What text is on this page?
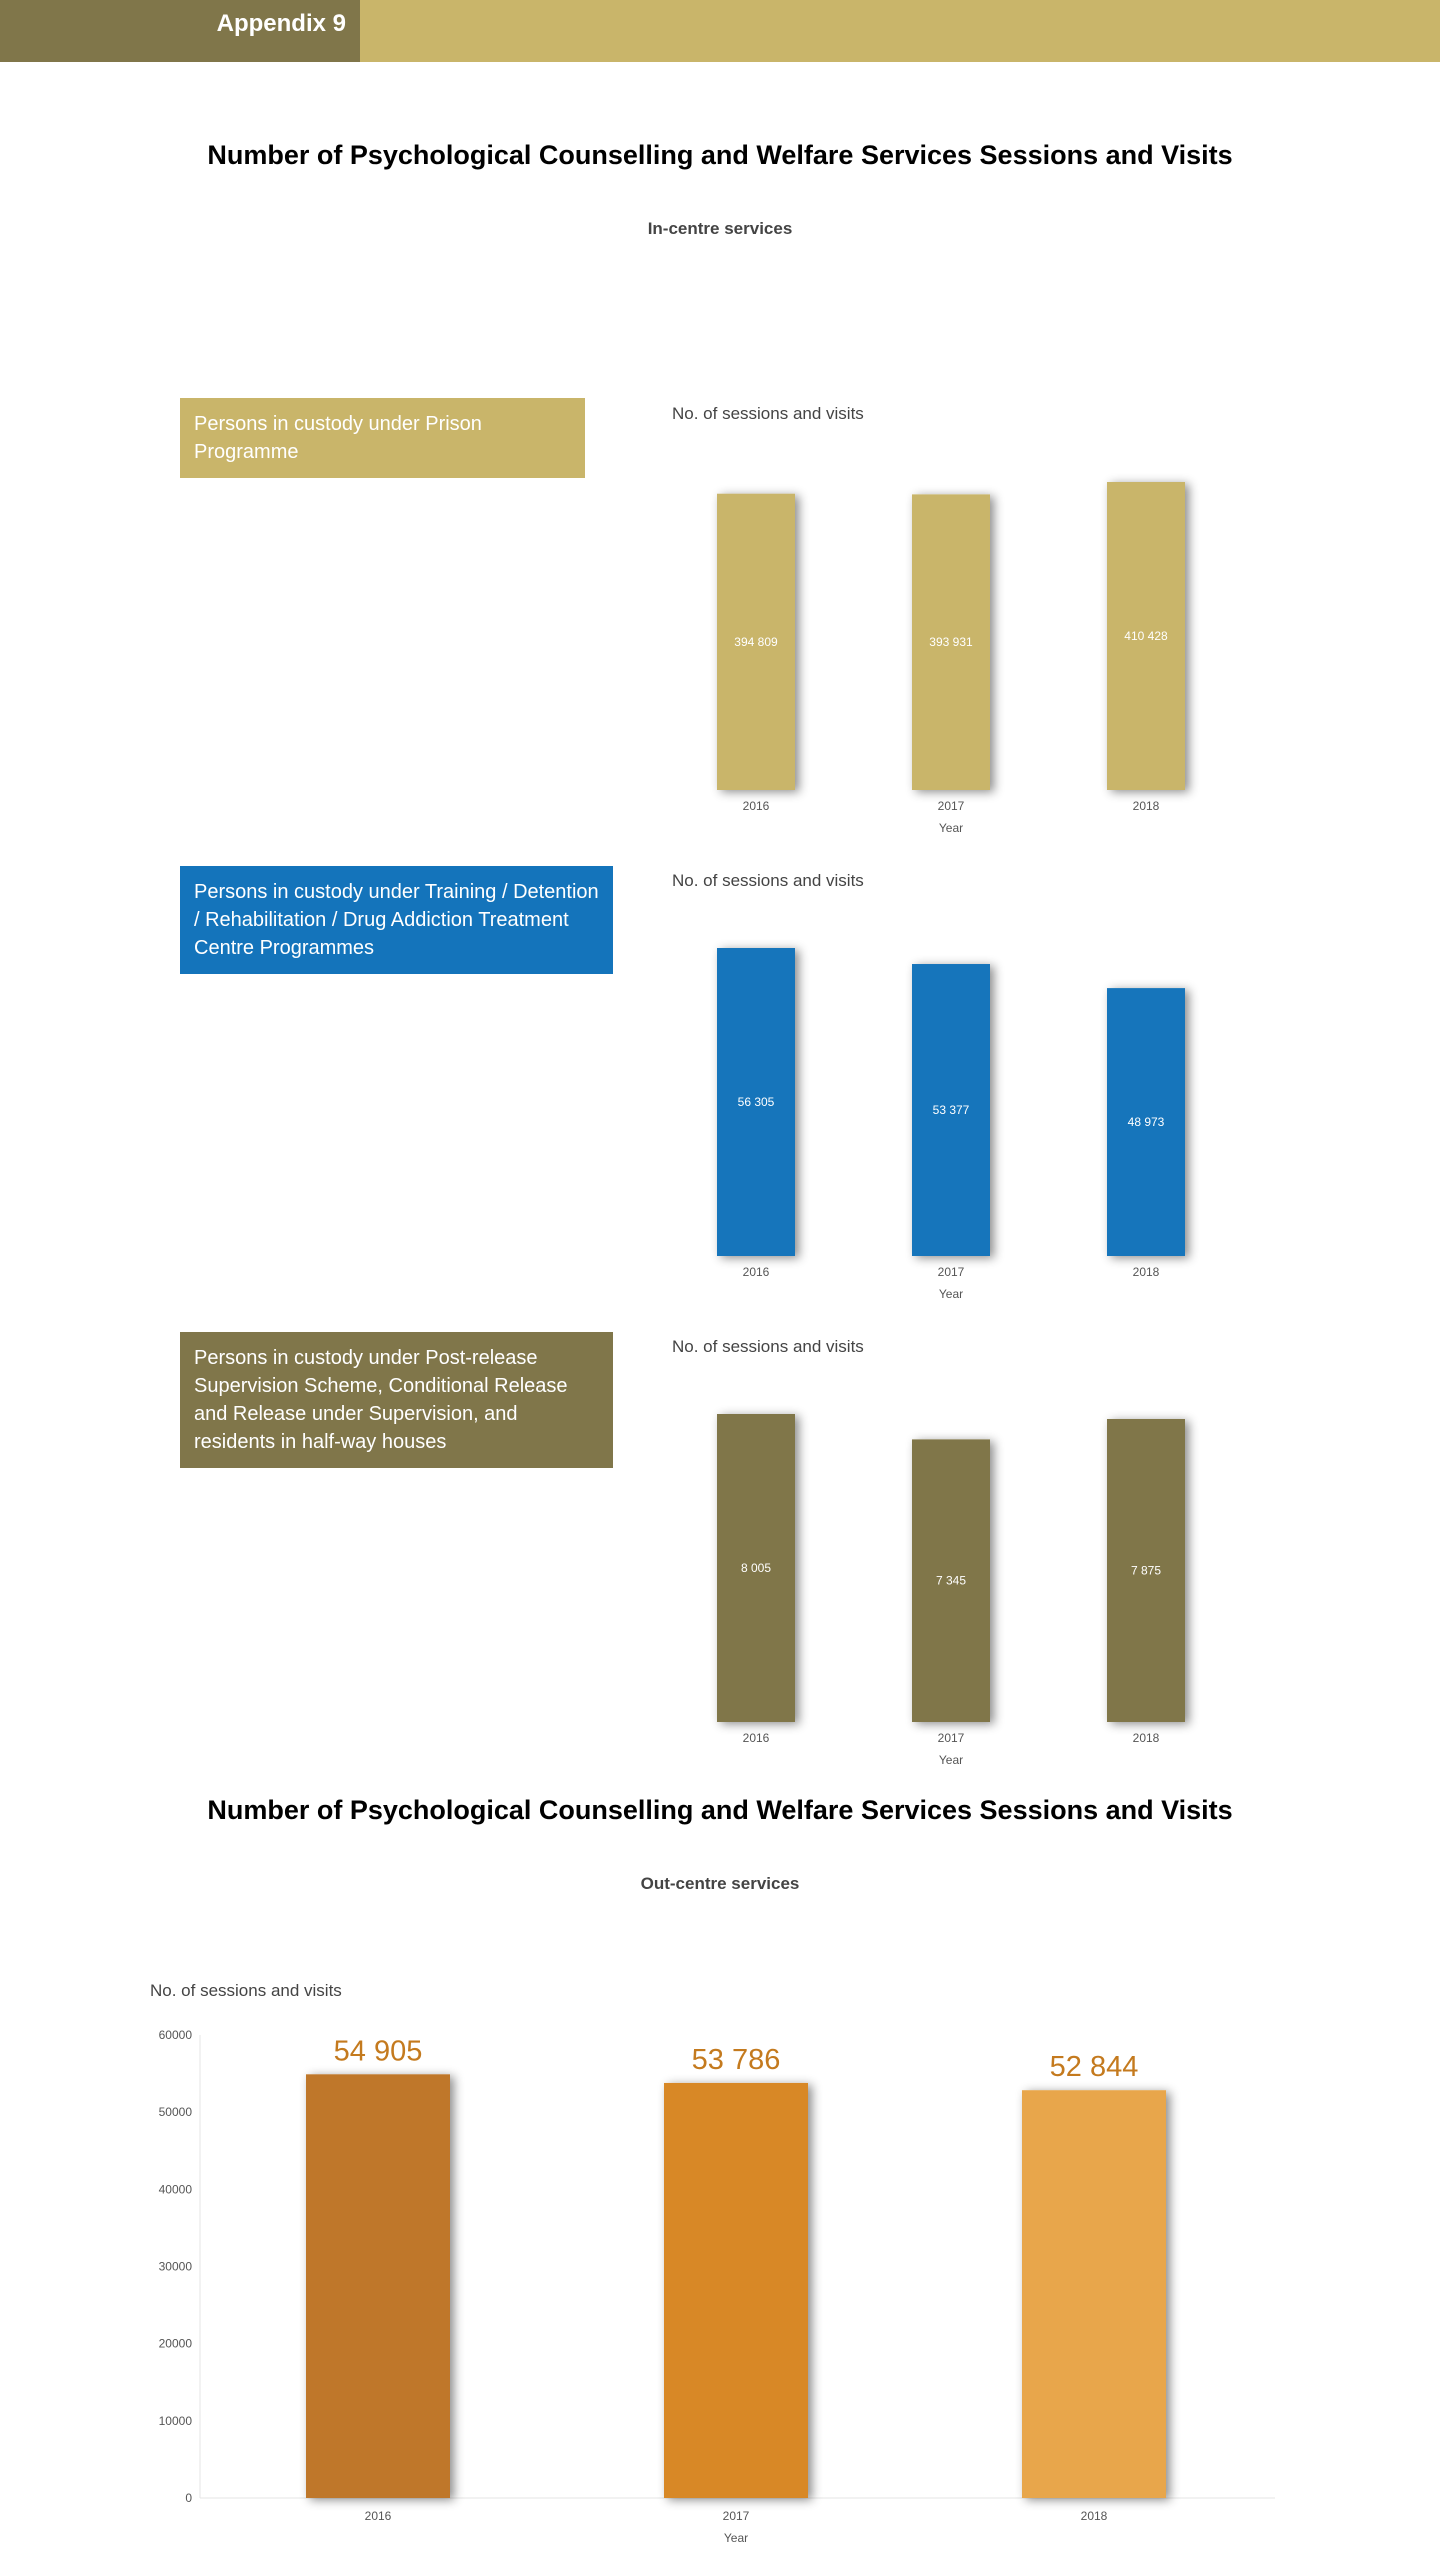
Appendix 9
Number of Psychological Counselling and Welfare Services Sessions and Visits
In-centre services
Persons in custody under Prison Programme
No. of sessions and visits
394 809
2016
393 931
2017
410 428
2018
Year
Persons in custody under Training / Detention / Rehabilitation / Drug Addiction Treatment Centre Programmes
No. of sessions and visits
56 305
2016
53 377
2017
48 973
2018
Year
Persons in custody under Post-release Supervision Scheme, Conditional Release and Release under Supervision, and residents in half-way houses
No. of sessions and visits
8 005
2016
7 345
2017
7 875
2018
Year
Number of Psychological Counselling and Welfare Services Sessions and Visits
Out-centre services
No. of sessions and visits
0
10000
20000
30000
40000
50000
60000
54 905
2016
53 786
2017
52 844
2018
Year
